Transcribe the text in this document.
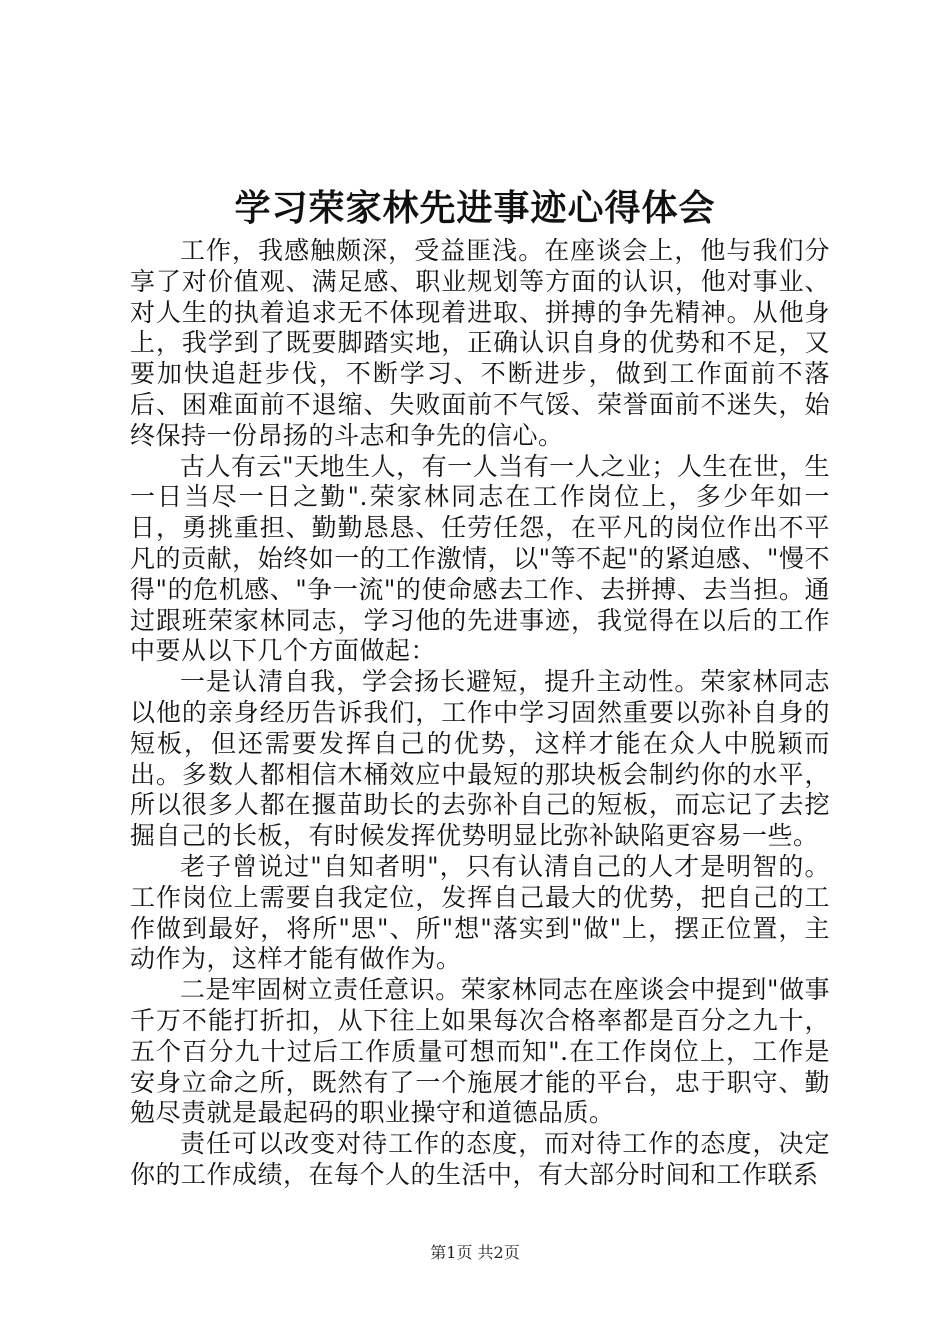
学习荣家林先进事迹心得体会

工作，我感触颇深，受益匪浅。在座谈会上，他与我们分享了对价值观、满足感、职业规划等方面的认识，他对事业、对人生的执着追求无不体现着进取、拼搏的争先精神。从他身上，我学到了既要脚踏实地，正确认识自身的优势和不足，又要加快追赶步伐，不断学习、不断进步，做到工作面前不落后、困难面前不退缩、失败面前不气馁、荣誉面前不迷失，始终保持一份昂扬的斗志和争先的信心。

古人有云"天地生人，有一人当有一人之业；人生在世，生一日当尽一日之勤".荣家林同志在工作岗位上，多少年如一日，勇挑重担、勤勤恳恳、任劳任怨，在平凡的岗位作出不平凡的贡献，始终如一的工作激情，以"等不起"的紧迫感、"慢不得"的危机感、"争一流"的使命感去工作、去拼搏、去当担。通过跟班荣家林同志，学习他的先进事迹，我觉得在以后的工作中要从以下几个方面做起：

一是认清自我，学会扬长避短，提升主动性。荣家林同志以他的亲身经历告诉我们，工作中学习固然重要以弥补自身的短板，但还需要发挥自己的优势，这样才能在众人中脱颖而出。多数人都相信木桶效应中最短的那块板会制约你的水平，所以很多人都在揠苗助长的去弥补自己的短板，而忘记了去挖掘自己的长板，有时候发挥优势明显比弥补缺陷更容易一些。

老子曾说过"自知者明"，只有认清自己的人才是明智的。工作岗位上需要自我定位，发挥自己最大的优势，把自己的工作做到最好，将所"思"、所"想"落实到"做"上，摆正位置，主动作为，这样才能有做作为。

二是牢固树立责任意识。荣家林同志在座谈会中提到"做事千万不能打折扣，从下往上如果每次合格率都是百分之九十，五个百分九十过后工作质量可想而知".在工作岗位上，工作是安身立命之所，既然有了一个施展才能的平台，忠于职守、勤勉尽责就是最起码的职业操守和道德品质。

责任可以改变对待工作的态度，而对待工作的态度，决定你的工作成绩，在每个人的生活中，有大部分时间和工作联系

第1页 共2页
